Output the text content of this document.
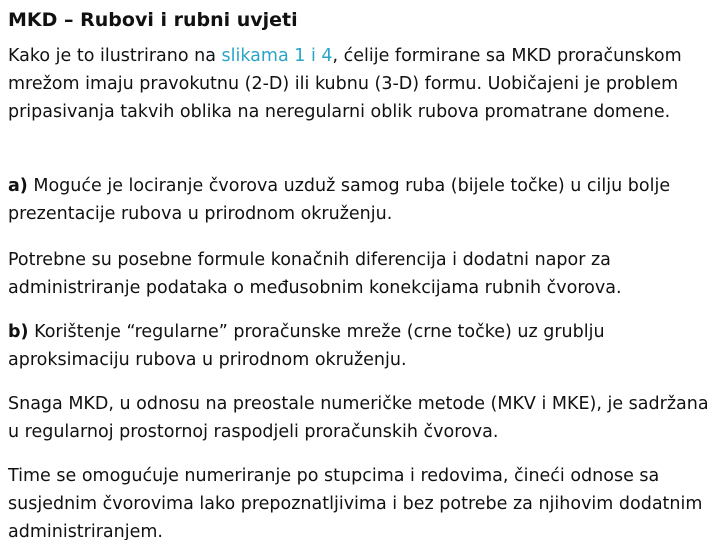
MKD – Rubovi i rubni uvjeti

Kako je to ilustrirano na slikama 1 i 4, ćelije formirane sa MKD proračunskom mrežom imaju pravokutnu (2-D) ili kubnu (3-D) formu. Uobičajeni je problem pripasivanja takvih oblika na neregularni oblik rubova promatrane domene.

a) Moguće je lociranje čvorova uzduž samog ruba (bijele točke) u cilju bolje prezentacije rubova u prirodnom okruženju.

Potrebne su posebne formule konačnih diferencija i dodatni napor za administriranje podataka o međusobnim konekcijama rubnih čvorova.

b) Korištenje “regularne” proračunske mreže (crne točke) uz grublju aproksimaciju rubova u prirodnom okruženju.

Snaga MKD, u odnosu na preostale numeričke metode (MKV i MKE), je sadržana u regularnoj prostornoj raspodjeli proračunskih čvorova.

Time se omogućuje numeriranje po stupcima i redovima, čineći odnose sa susjednim čvorovima lako prepoznatljivima i bez potrebe za njihovim dodatnim administriranjem.
